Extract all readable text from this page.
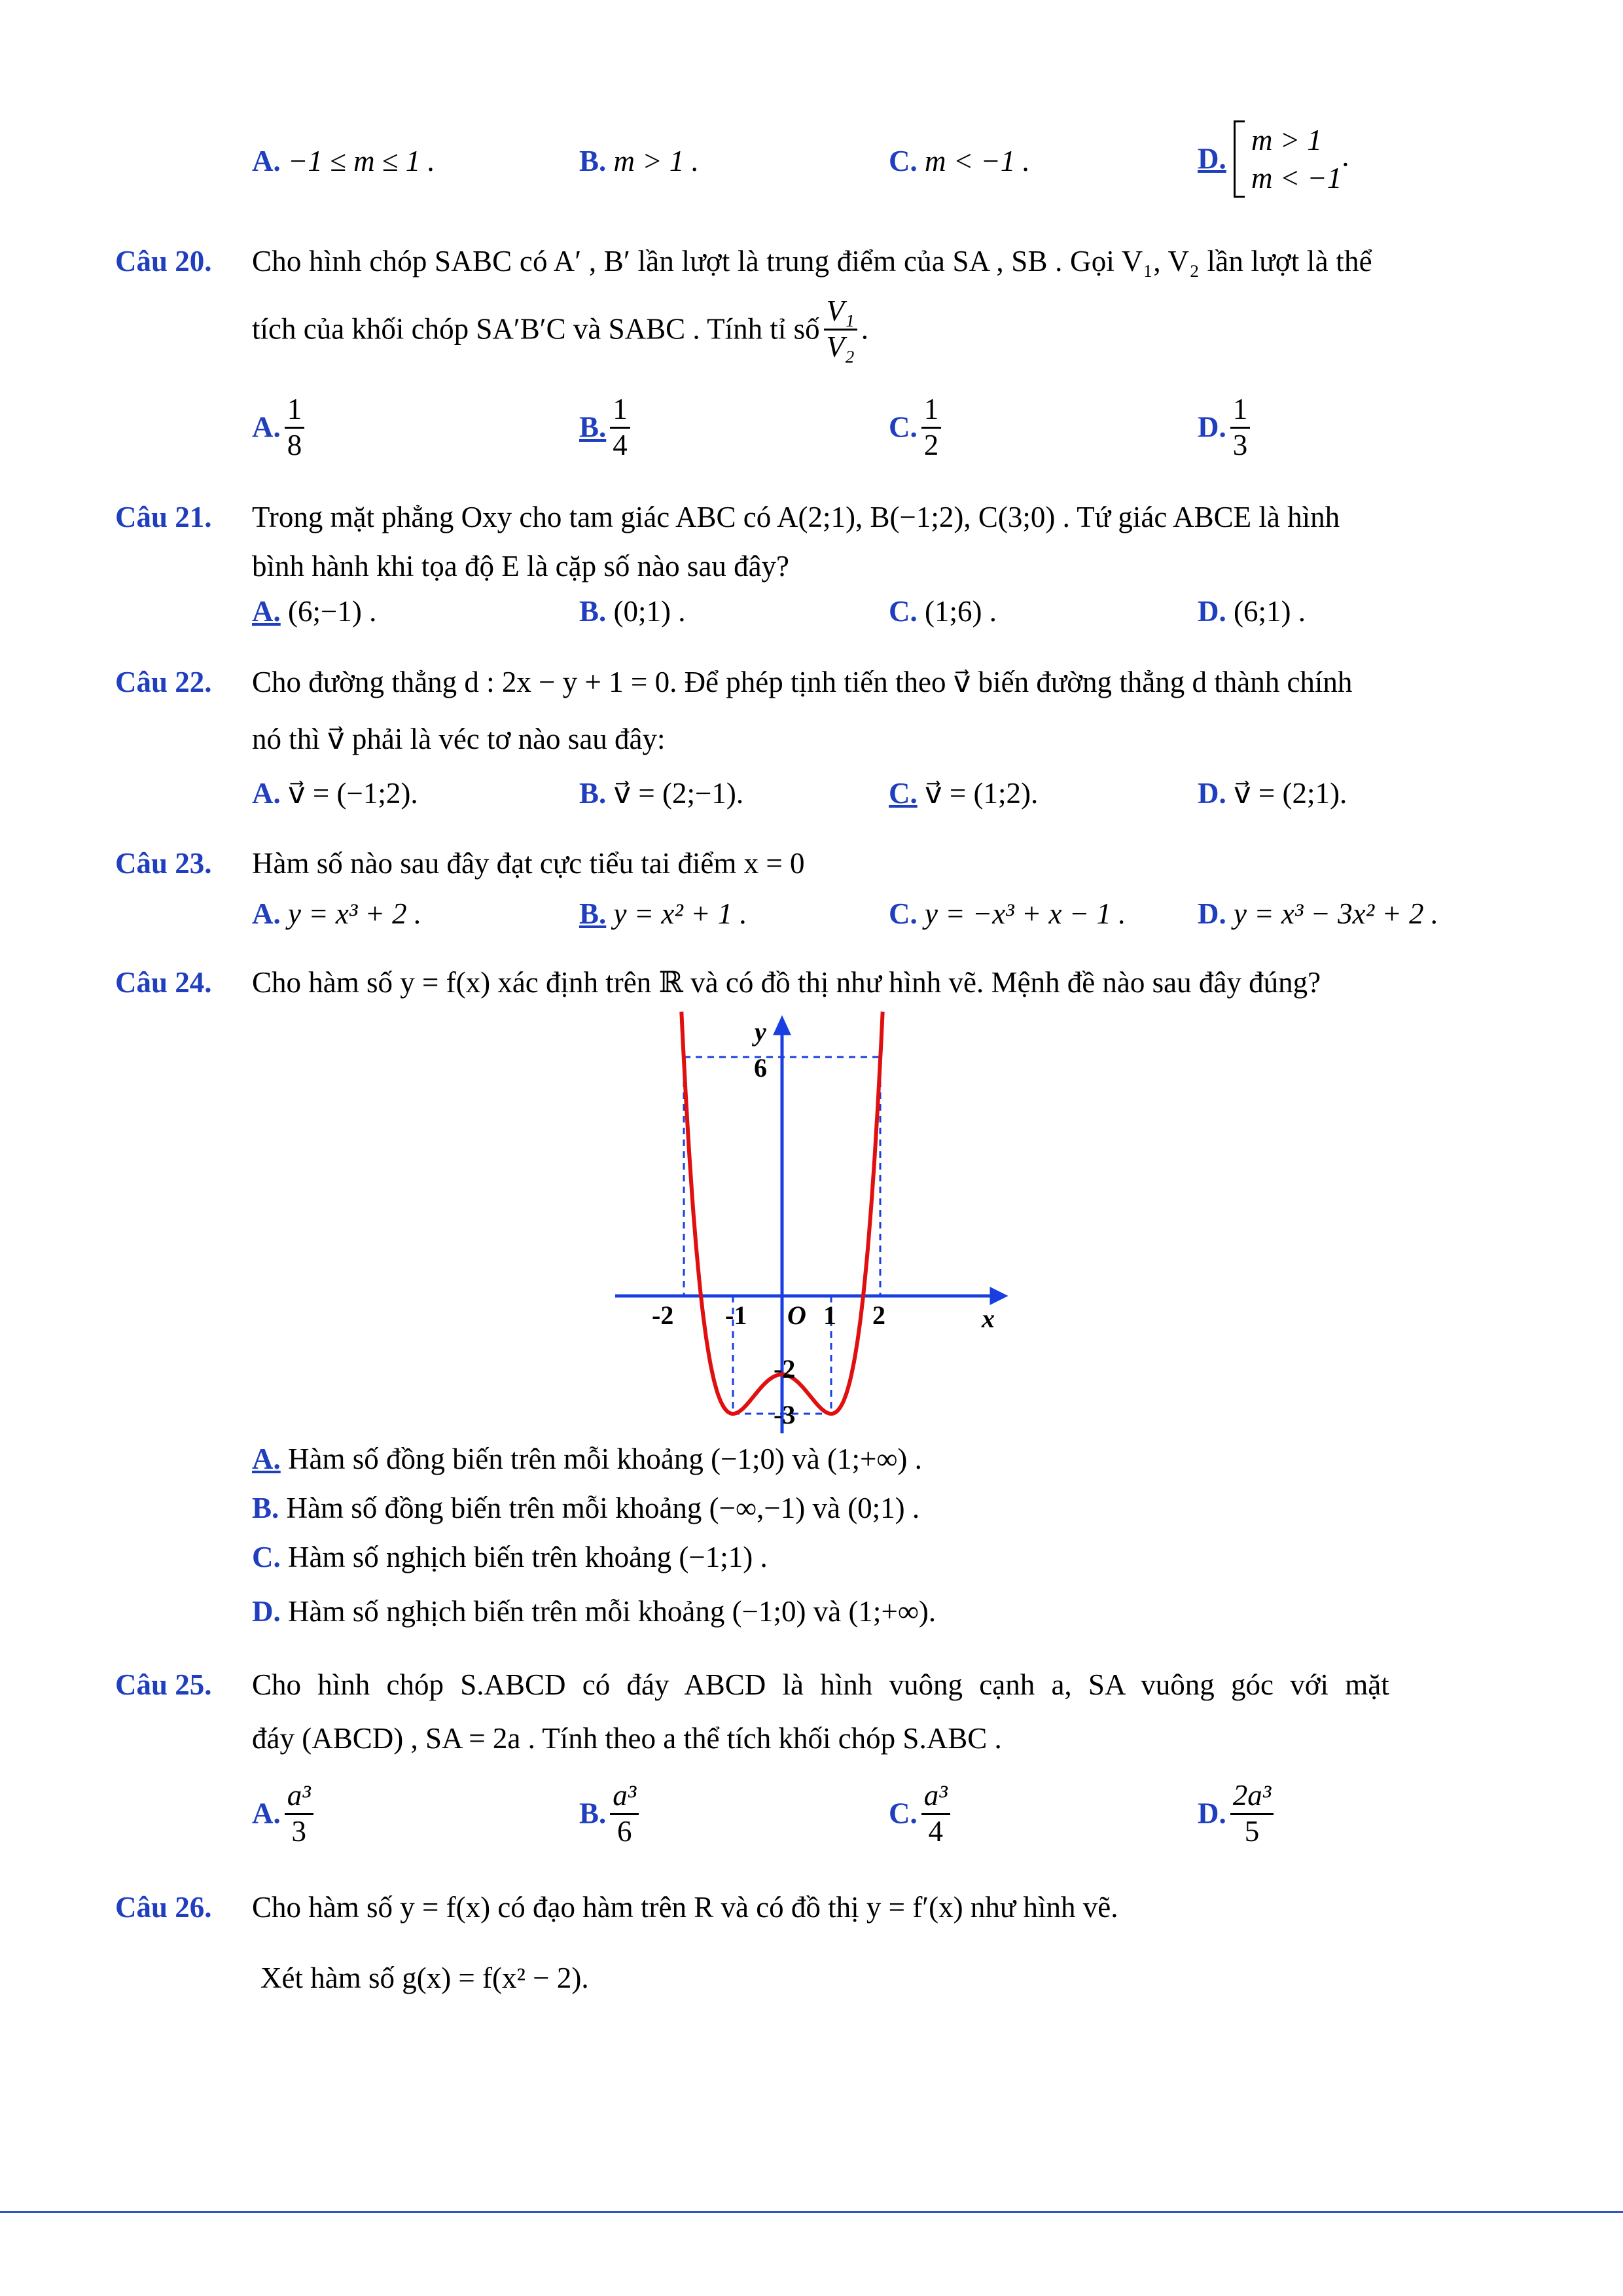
A. −1 ≤ m ≤ 1 .	B. m > 1 .	C. m < −1 .	D.
m > 1
m < −1
.
Câu 20. Cho hình chóp SABC có A′ , B′ lần lượt là trung điểm của SA , SB . Gọi V₁, V₂ lần lượt là thể
tích của khối chóp SA′B′C và SABC . Tính tỉ số $\frac{\text{V₁}}{\text{V₂}}$ .
A. $\frac{1}{8}$	B. $\frac{1}{4}$	C. $\frac{1}{2}$	D. $\frac{1}{3}$
Câu 21. Trong mặt phẳng Oxy cho tam giác ABC có A(2;1), B(−1;2), C(3;0) . Tứ giác ABCE là hình
bình hành khi tọa độ E là cặp số nào sau đây?
A. (6;−1) .	B. (0;1) .	C. (1;6) .	D. (6;1) .
Câu 22. Cho đường thẳng d : 2x − y + 1 = 0. Để phép tịnh tiến theo v⃗ biến đường thẳng d thành chính
nó thì v⃗ phải là véc tơ nào sau đây:
A. v⃗ = (−1;2).	B. v⃗ = (2;−1).	C. v⃗ = (1;2).	D. v⃗ = (2;1).
Câu 23. Hàm số nào sau đây đạt cực tiểu tai điểm x = 0
A. y = x³ + 2 .	B. y = x² + 1 .	C. y = −x³ + x − 1 . D. y = x³ − 3x² + 2 .
Câu 24. Cho hàm số y = f(x) xác định trên ℝ và có đồ thị như hình vẽ. Mệnh đề nào sau đây đúng?
y
6
x
O
-2 -1	1 2
-2
-3
A. Hàm số đồng biến trên mỗi khoảng (−1;0) và (1;+∞) .
B. Hàm số đồng biến trên mỗi khoảng (−∞,−1) và (0;1) .
C. Hàm số nghịch biến trên khoảng (−1;1) .
D. Hàm số nghịch biến trên mỗi khoảng (−1;0) và (1;+∞).
Câu 25. Cho hình chóp S.ABCD có đáy ABCD là hình vuông cạnh a, SA vuông góc với mặt
đáy (ABCD) , SA = 2a . Tính theo a thể tích khối chóp S.ABC .
A. $\frac{\text{a³}}{3}$	B. $\frac{\text{a³}}{6}$	C. $\frac{\text{a³}}{4}$	D. $\frac{\text{2a³}}{5}$
Câu 26. Cho hàm số y = f(x) có đạo hàm trên R và có đồ thị y = f′(x) như hình vẽ.
Xét hàm số g(x) = f(x² − 2).
